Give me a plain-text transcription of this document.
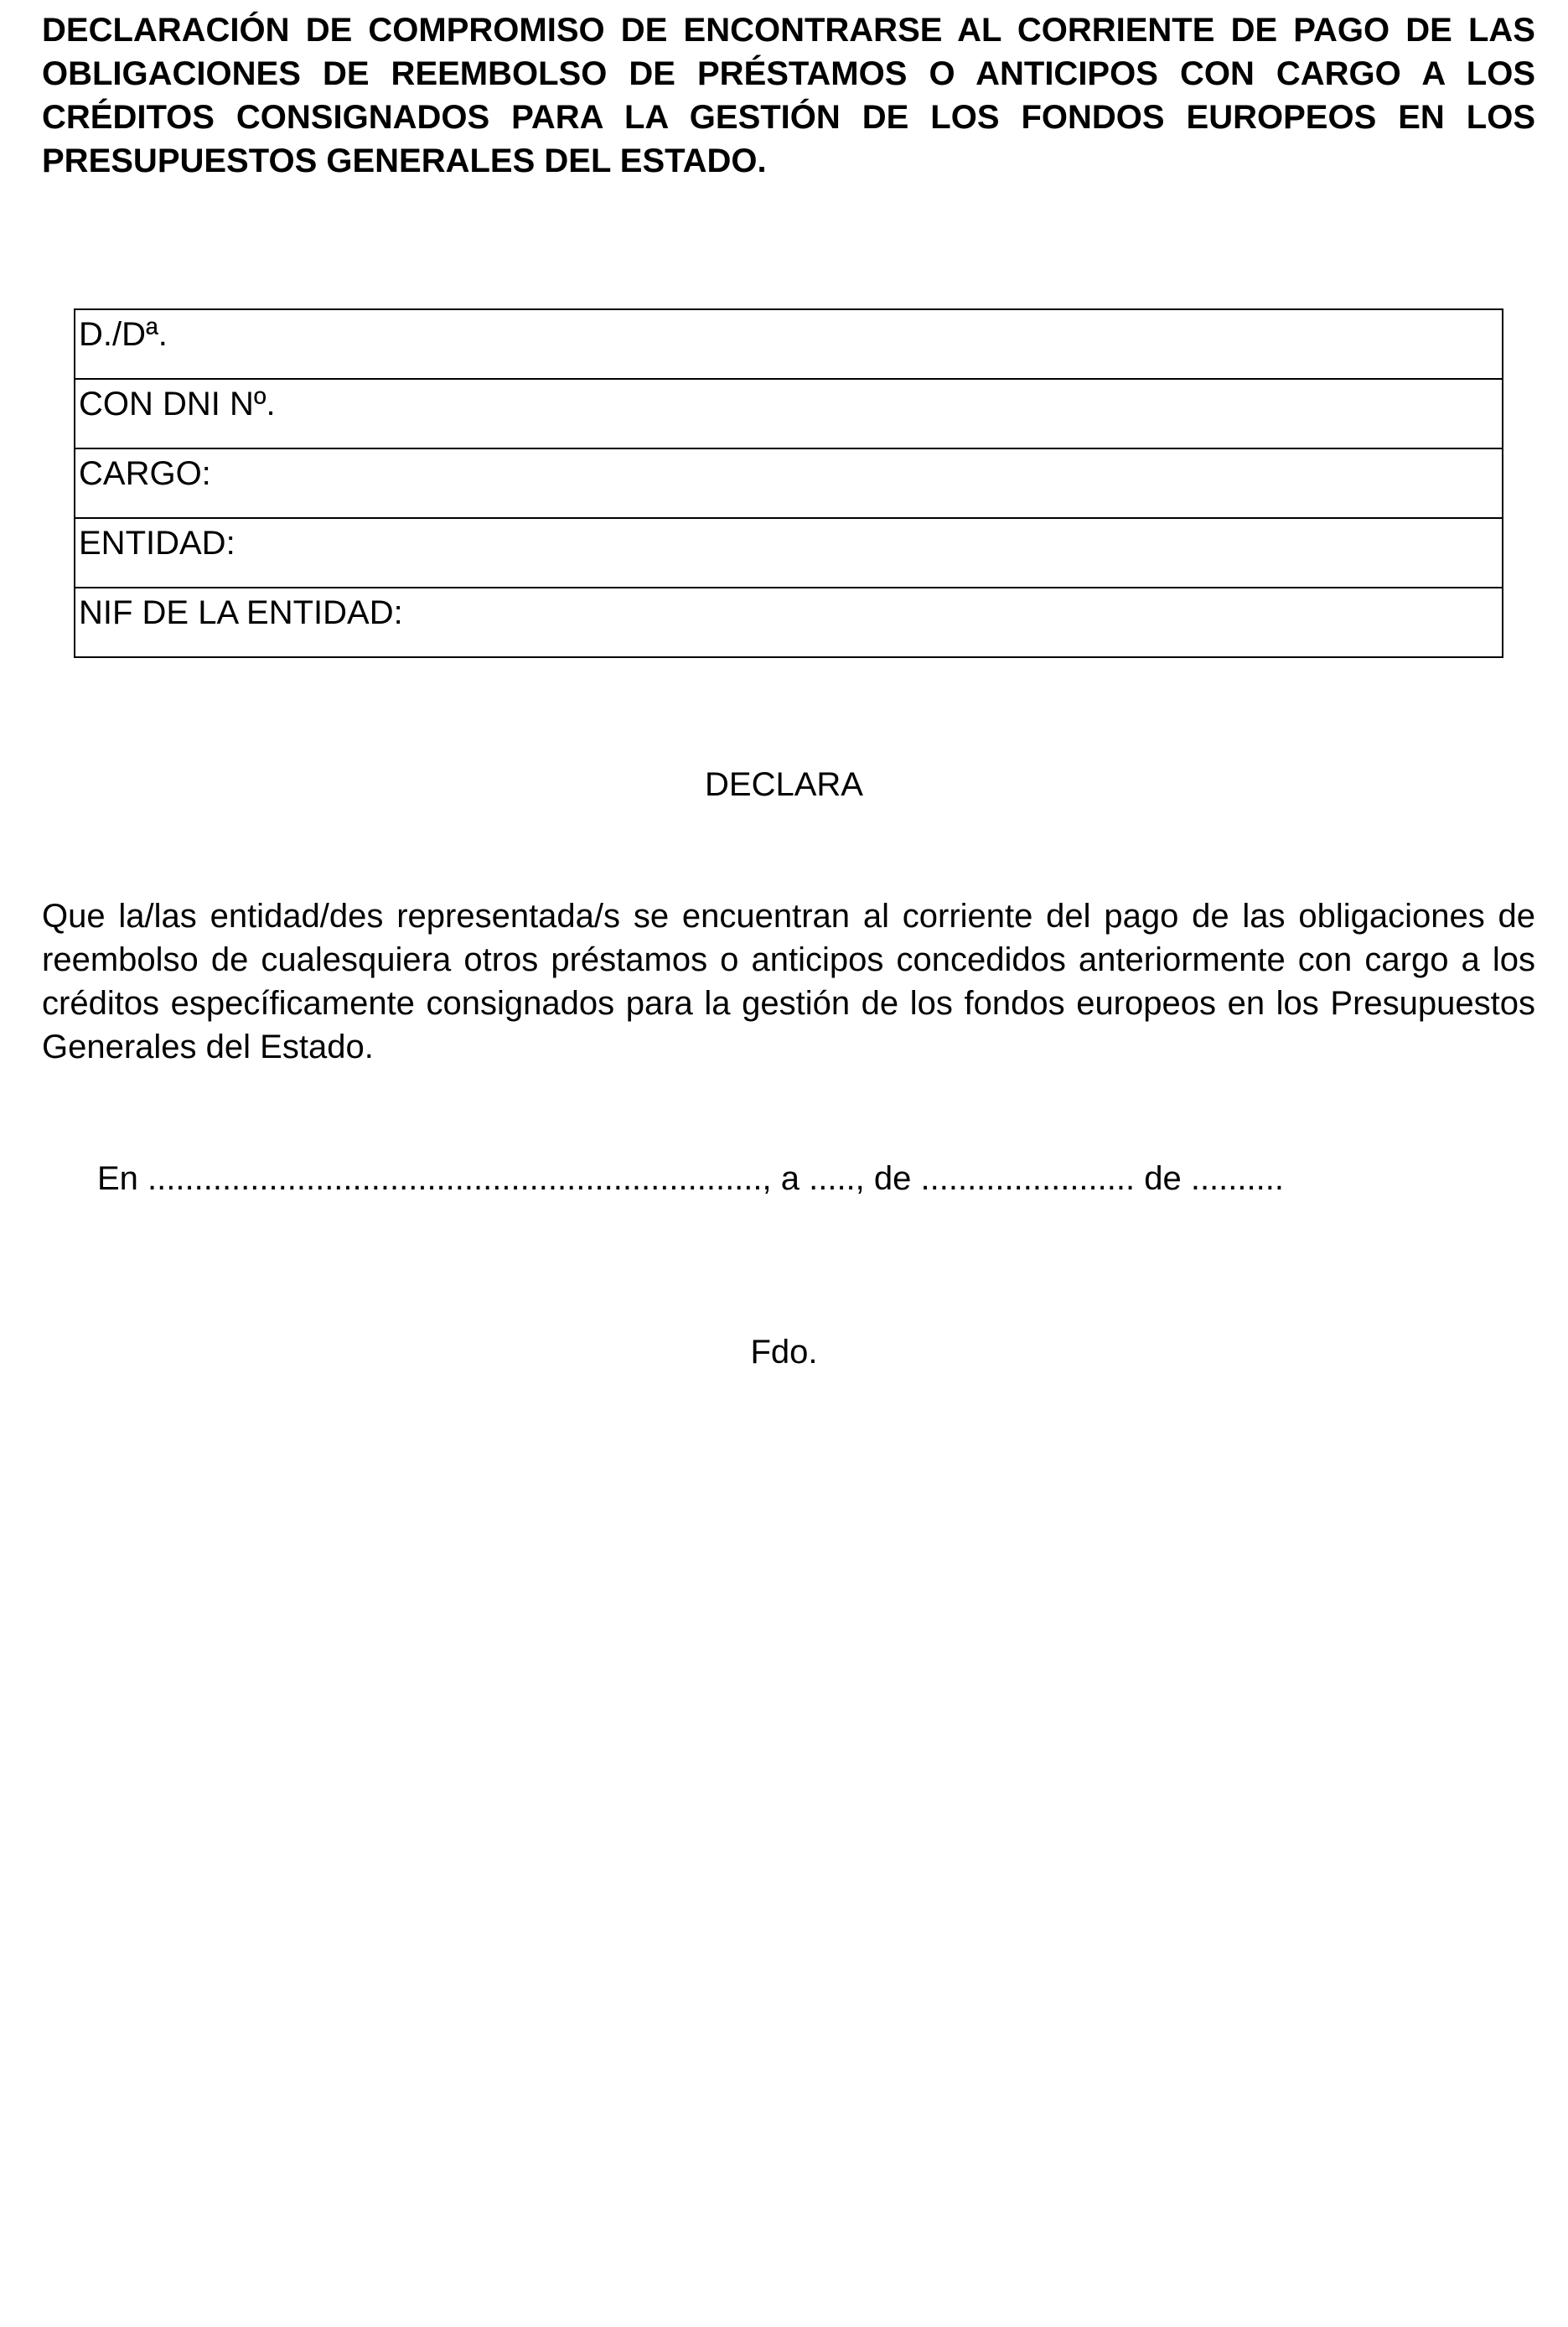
DECLARACIÓN DE COMPROMISO DE ENCONTRARSE AL CORRIENTE DE PAGO DE LAS OBLIGACIONES DE REEMBOLSO DE PRÉSTAMOS O ANTICIPOS CON CARGO A LOS CRÉDITOS CONSIGNADOS PARA LA GESTIÓN DE LOS FONDOS EUROPEOS EN LOS PRESUPUESTOS GENERALES DEL ESTADO.
D./Dª.
CON DNI Nº.
CARGO:
ENTIDAD:
NIF DE LA ENTIDAD:

DECLARA

Que la/las entidad/des representada/s se encuentran al corriente del pago de las obligaciones de reembolso de cualesquiera otros préstamos o anticipos concedidos anteriormente con cargo a los créditos específicamente consignados para la gestión de los fondos europeos en los Presupuestos Generales del Estado.

En .................................................................., a ....., de ....................... de ..........

Fdo.
